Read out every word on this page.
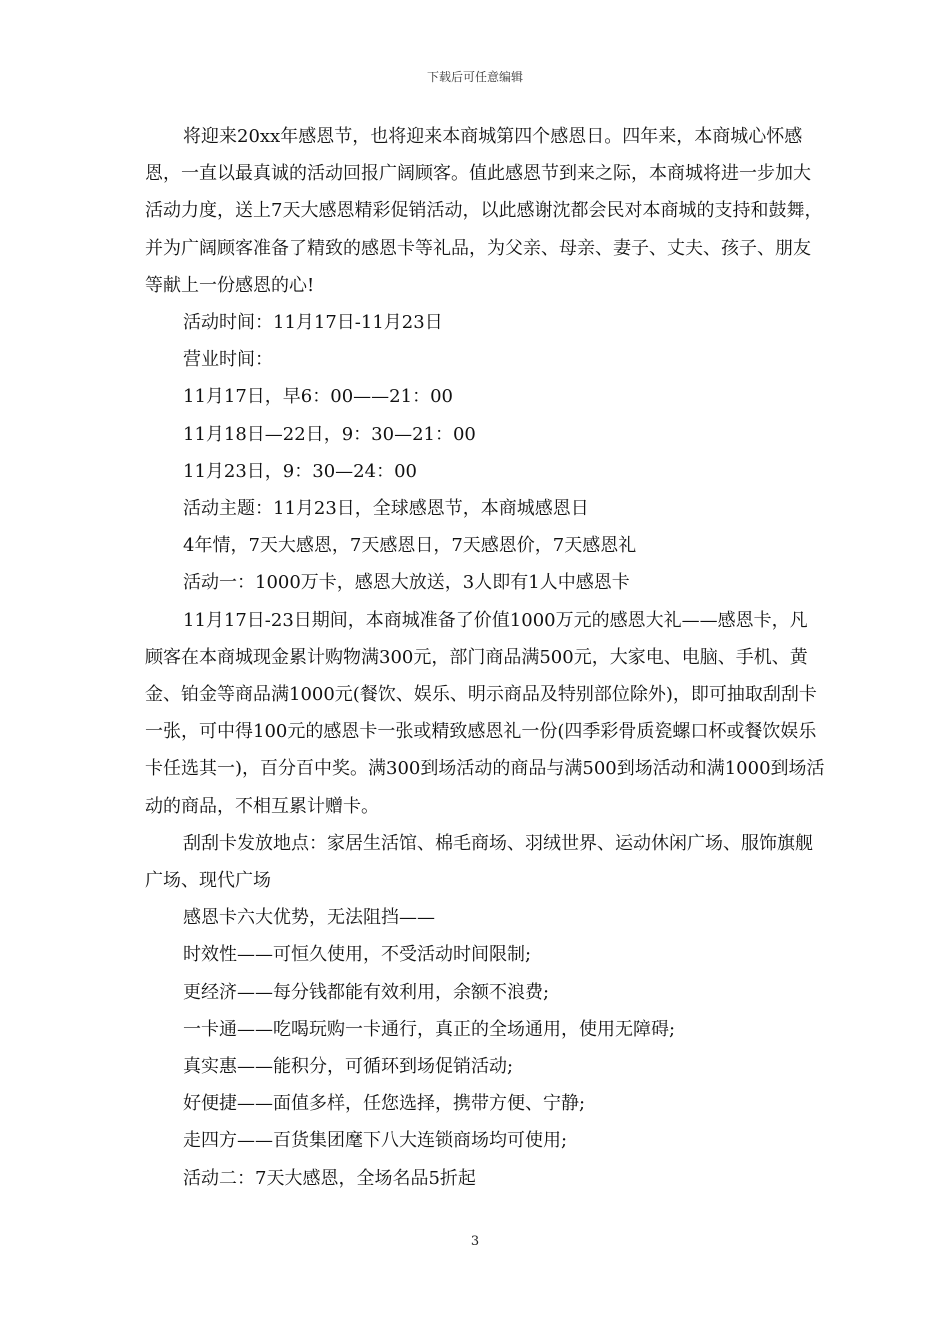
下载后可任意编辑

将迎来20xx年感恩节，也将迎来本商城第四个感恩日。四年来，本商城心怀感恩，一直以最真诚的活动回报广阔顾客。值此感恩节到来之际，本商城将进一步加大活动力度，送上7天大感恩精彩促销活动，以此感谢沈都会民对本商城的支持和鼓舞，并为广阔顾客准备了精致的感恩卡等礼品，为父亲、母亲、妻子、丈夫、孩子、朋友等献上一份感恩的心!

活动时间：11月17日-11月23日

营业时间：

11月17日，早6：00——21：00

11月18日—22日，9：30—21：00

11月23日，9：30—24：00

活动主题：11月23日，全球感恩节，本商城感恩日

4年情，7天大感恩，7天感恩日，7天感恩价，7天感恩礼

活动一：1000万卡，感恩大放送，3人即有1人中感恩卡

11月17日-23日期间，本商城准备了价值1000万元的感恩大礼——感恩卡，凡顾客在本商城现金累计购物满300元，部门商品满500元，大家电、电脑、手机、黄金、铂金等商品满1000元(餐饮、娱乐、明示商品及特别部位除外)，即可抽取刮刮卡一张，可中得100元的感恩卡一张或精致感恩礼一份(四季彩骨质瓷螺口杯或餐饮娱乐卡任选其一)，百分百中奖。满300到场活动的商品与满500到场活动和满1000到场活动的商品，不相互累计赠卡。

刮刮卡发放地点：家居生活馆、棉毛商场、羽绒世界、运动休闲广场、服饰旗舰广场、现代广场

感恩卡六大优势，无法阻挡——

时效性——可恒久使用，不受活动时间限制;

更经济——每分钱都能有效利用，余额不浪费;

一卡通——吃喝玩购一卡通行，真正的全场通用，使用无障碍;

真实惠——能积分，可循环到场促销活动;

好便捷——面值多样，任您选择，携带方便、宁静;

走四方——百货集团麾下八大连锁商场均可使用;

活动二：7天大感恩，全场名品5折起

3
